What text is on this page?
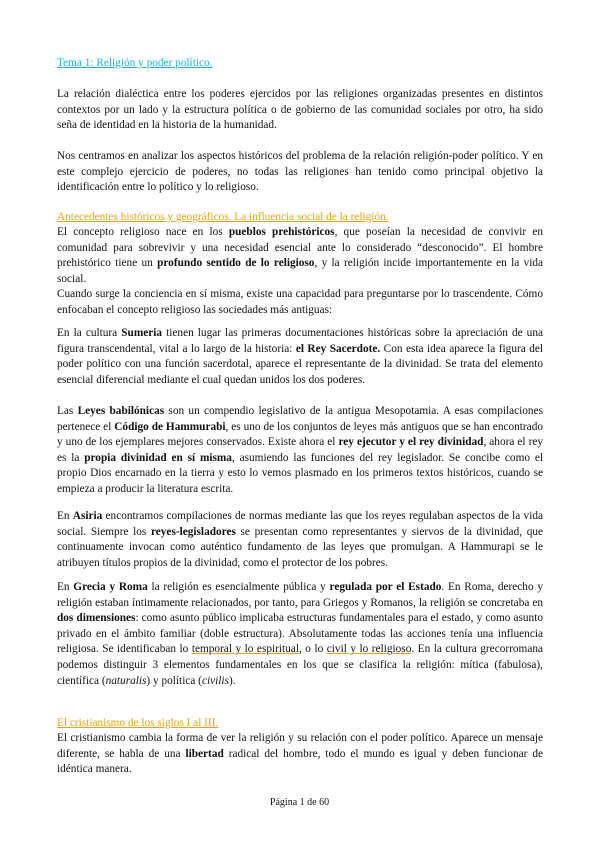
Tema 1: Religión y poder político.
La relación dialéctica entre los poderes ejercidos por las religiones organizadas presentes en distintos contextos por un lado y la estructura política o de gobierno de las comunidad sociales por otro, ha sido seña de identidad en la historia de la humanidad.
Nos centramos en analizar los aspectos históricos del problema de la relación religión-poder político. Y en este complejo ejercicio de poderes, no todas las religiones han tenido como principal objetivo la identificación entre lo político y lo religioso.
Antecedentes históricos y geográficos. La influencia social de la religión.
El concepto religioso nace en los pueblos prehistóricos, que poseían la necesidad de convivir en comunidad para sobrevivir y una necesidad esencial ante lo considerado “desconocido”. El hombre prehistórico tiene un profundo sentido de lo religioso, y la religión incide importantemente en la vida social.
Cuando surge la conciencia en sí misma, existe una capacidad para preguntarse por lo trascendente. Cómo enfocaban el concepto religioso las sociedades más antiguas:
En la cultura Sumeria tienen lugar las primeras documentaciones históricas sobre la apreciación de una figura transcendental, vital a lo largo de la historia: el Rey Sacerdote. Con esta idea aparece la figura del poder político con una función sacerdotal, aparece el representante de la divinidad. Se trata del elemento esencial diferencial mediante el cual quedan unidos los dos poderes.
Las Leyes babilónicas son un compendio legislativo de la antigua Mesopotamia. A esas compilaciones pertenece el Código de Hammurabi, es uno de los conjuntos de leyes más antiguos que se han encontrado y uno de los ejemplares mejores conservados. Existe ahora el rey ejecutor y el rey divinidad, ahora el rey es la propia divinidad en sí misma, asumiendo las funciones del rey legislador. Se concibe como el propio Dios encarnado en la tierra y esto lo vemos plasmado en los primeros textos históricos, cuando se empieza a producir la literatura escrita.
En Asiria encontramos compilaciones de normas mediante las que los reyes regulaban aspectos de la vida social. Siempre los reyes-legisladores se presentan como representantes y siervos de la divinidad, que continuamente invocan como auténtico fundamento de las leyes que promulgan. A Hammurapi se le atribuyen títulos propios de la divinidad, como el protector de los pobres.
En Grecia y Roma la religión es esencialmente pública y regulada por el Estado. En Roma, derecho y religión estaban íntimamente relacionados, por tanto, para Griegos y Romanos, la religión se concretaba en dos dimensiones: como asunto público implicaba estructuras fundamentales para el estado, y como asunto privado en el ámbito familiar (doble estructura). Absolutamente todas las acciones tenía una influencia religiosa. Se identificaban lo temporal y lo espiritual, o lo civil y lo religioso. En la cultura grecorromana podemos distinguir 3 elementos fundamentales en los que se clasifica la religión: mítica (fabulosa), científica (naturalis) y política (civilis).
El cristianismo de los siglos I al III.
El cristianismo cambia la forma de ver la religión y su relación con el poder político. Aparece un mensaje diferente, se habla de una libertad radical del hombre, todo el mundo es igual y deben funcionar de idéntica manera.
Página 1 de 60
